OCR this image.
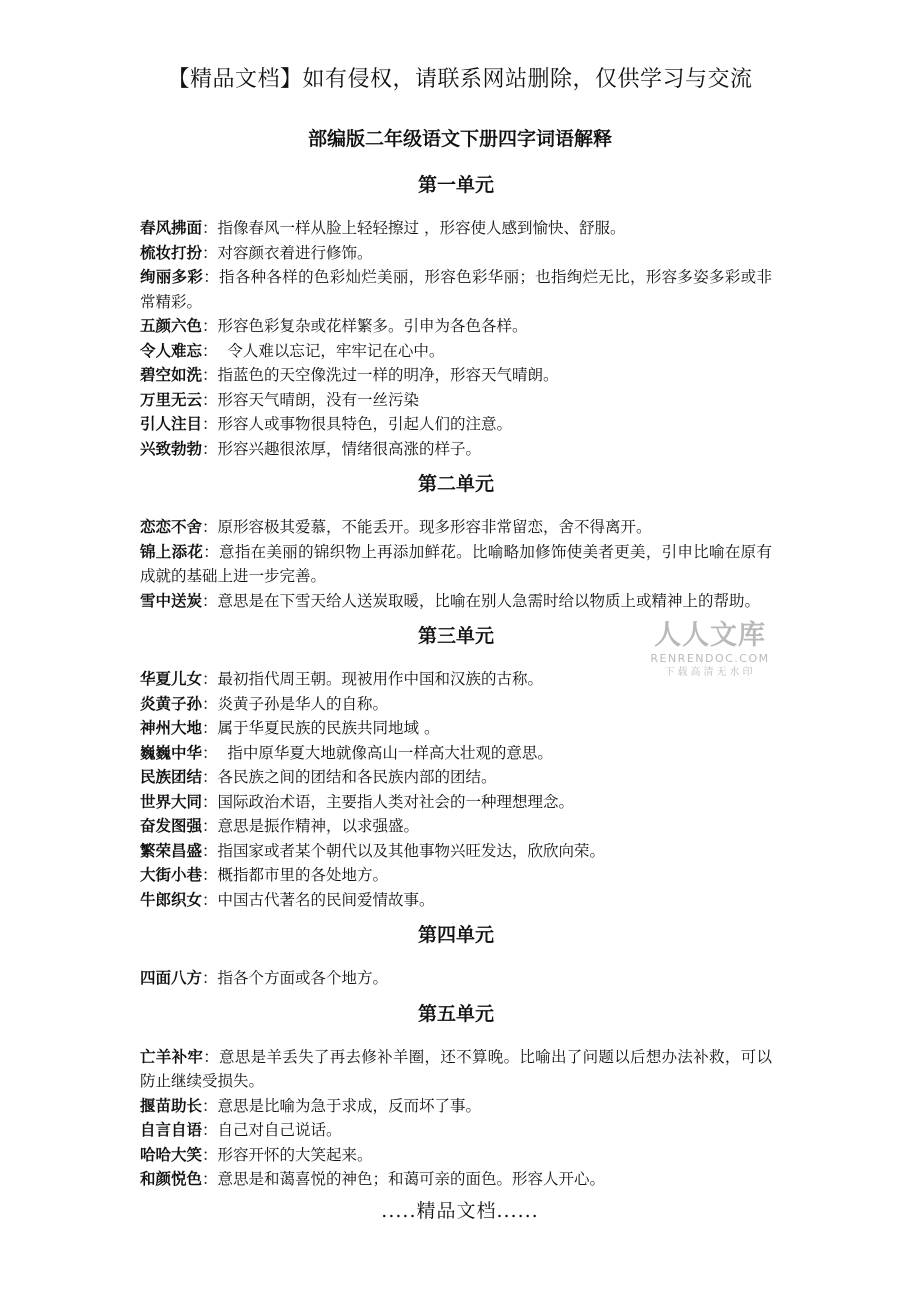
【精品文档】如有侵权，请联系网站删除，仅供学习与交流
部编版二年级语文下册四字词语解释
第一单元

春风拂面：指像春风一样从脸上轻轻擦过 ，形容使人感到愉快、舒服。

梳妆打扮：对容颜衣着进行修饰。

绚丽多彩：指各种各样的色彩灿烂美丽，形容色彩华丽；也指绚烂无比，形容多姿多彩或非常精彩。

五颜六色：形容色彩复杂或花样繁多。引申为各色各样。

令人难忘：  令人难以忘记，牢牢记在心中。

碧空如洗：指蓝色的天空像洗过一样的明净，形容天气晴朗。

万里无云：形容天气晴朗，没有一丝污染

引人注目：形容人或事物很具特色，引起人们的注意。

兴致勃勃：形容兴趣很浓厚，情绪很高涨的样子。

第二单元

恋恋不舍：原形容极其爱慕，不能丢开。现多形容非常留恋，舍不得离开。

锦上添花：意指在美丽的锦织物上再添加鲜花。比喻略加修饰使美者更美，引申比喻在原有成就的基础上进一步完善。

雪中送炭：意思是在下雪天给人送炭取暖，比喻在别人急需时给以物质上或精神上的帮助。

第三单元

华夏儿女：最初指代周王朝。现被用作中国和汉族的古称。

炎黄子孙：炎黄子孙是华人的自称。

神州大地：属于华夏民族的民族共同地域 。

巍巍中华：  指中原华夏大地就像高山一样高大壮观的意思。

民族团结：各民族之间的团结和各民族内部的团结。

世界大同：国际政治术语，主要指人类对社会的一种理想理念。

奋发图强：意思是振作精神，以求强盛。

繁荣昌盛：指国家或者某个朝代以及其他事物兴旺发达，欣欣向荣。

大街小巷：概指都市里的各处地方。

牛郎织女：中国古代著名的民间爱情故事。

第四单元

四面八方：指各个方面或各个地方。

第五单元

亡羊补牢：意思是羊丢失了再去修补羊圈，还不算晚。比喻出了问题以后想办法补救，可以防止继续受损失。

揠苗助长：意思是比喻为急于求成，反而坏了事。

自言自语：自己对自己说话。

哈哈大笑：形容开怀的大笑起来。

和颜悦色：意思是和蔼喜悦的神色；和蔼可亲的面色。形容人开心。

人人文库
RENRENDOC.COM
下载高清无水印
.....精品文档......
